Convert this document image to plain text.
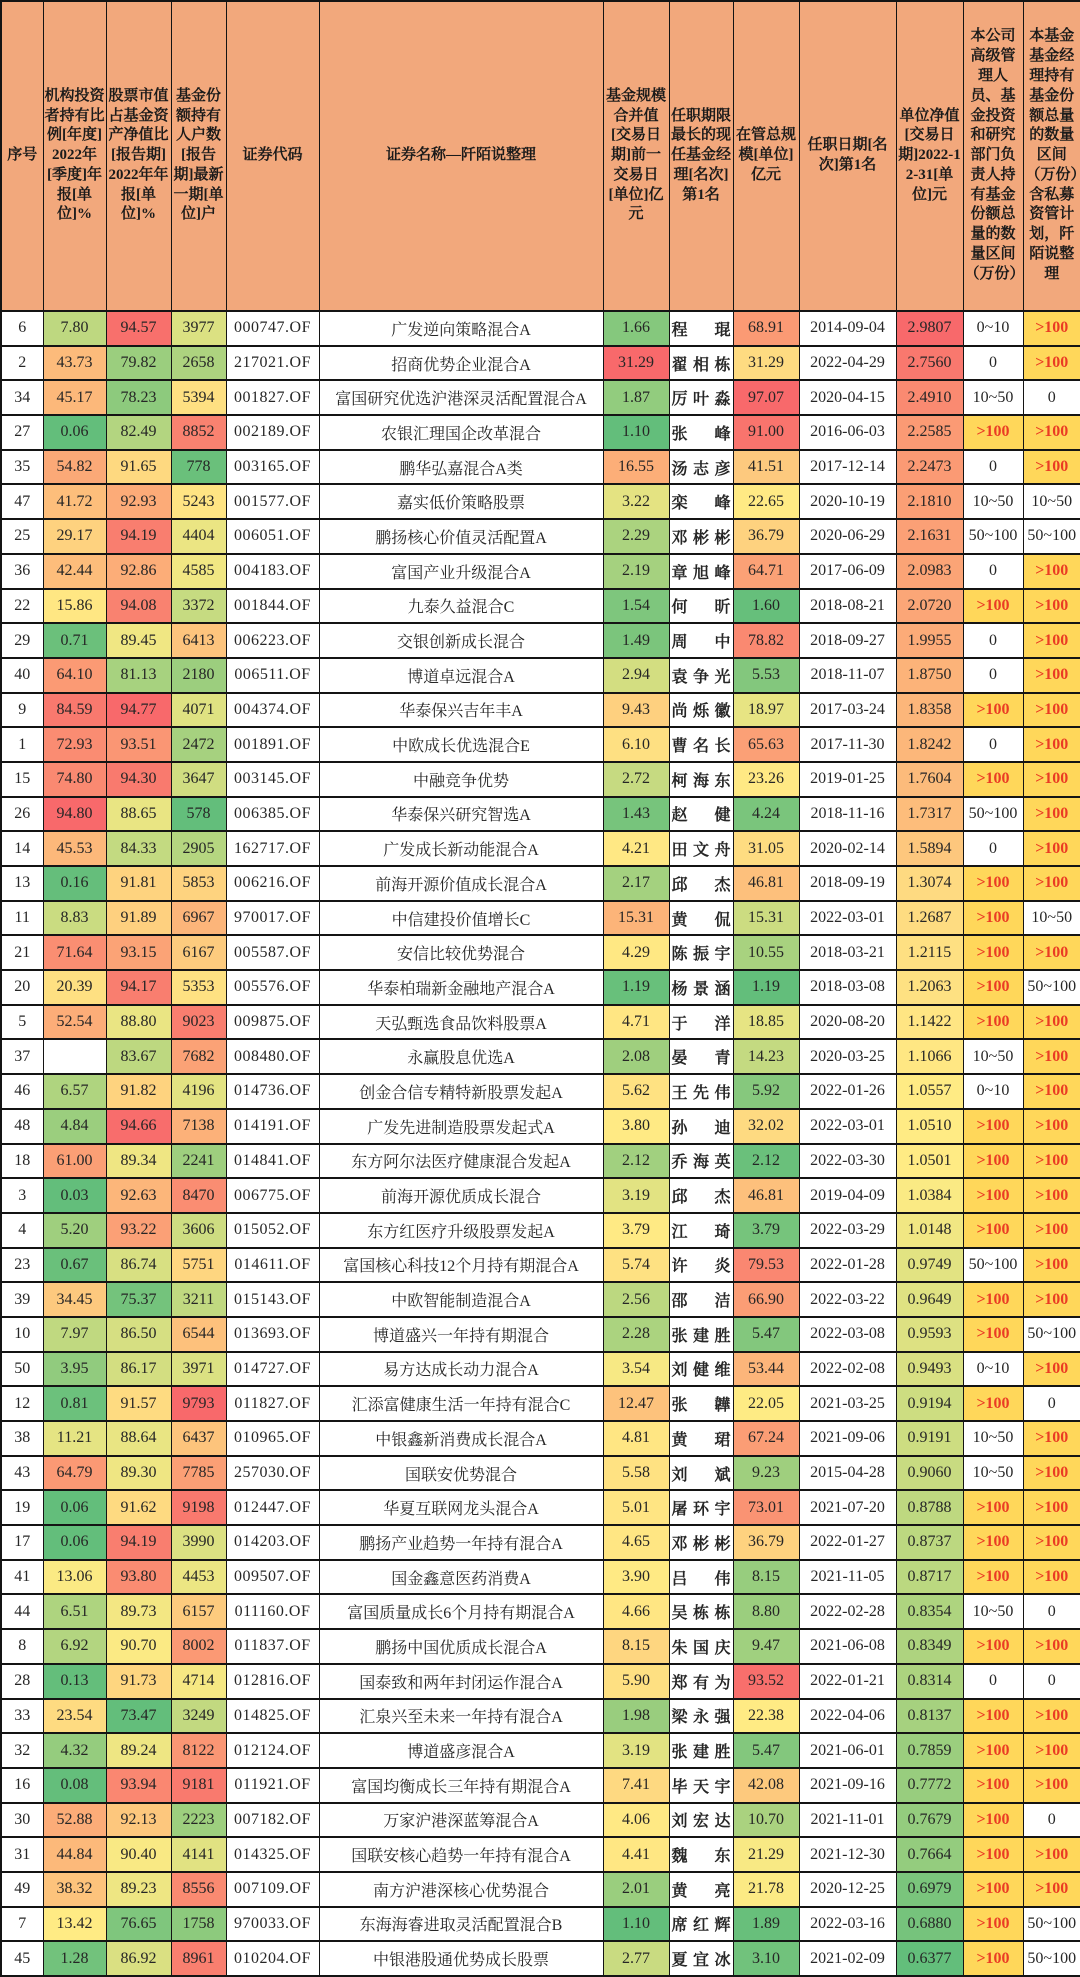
序号	机构投资者持有比例[年度]2022年[季度]年报[单位]%	股票市值占基金资产净值比[报告期]2022年年报[单位]%	基金份额持有人户数[报告期]最新一期[单位]户	证券代码	证券名称—阡陌说整理	基金规模合并值[交易日期]前一交易日[单位]亿元	任职期限最长的现任基金经理[名次]第1名	在管总规模[单位]亿元	任职日期[名次]第1名	单位净值[交易日期]2022-12-31[单位]元	本公司高级管理人员、基金投资和研究部门负责人持有基金份额总量的数量区间（万份）	本基金基金经理持有基金份额总量的数量区间（万份）含私募资管计划，阡陌说整理
6	7.80	94.57	3977	000747.OF	广发逆向策略混合A	1.66	程琨	68.91	2014-09-04	2.9807	0~10	>100
2	43.73	79.82	2658	217021.OF	招商优势企业混合A	31.29	翟相栋	31.29	2022-04-29	2.7560	0	>100
34	45.17	78.23	5394	001827.OF	富国研究优选沪港深灵活配置混合A	1.87	厉叶淼	97.07	2020-04-15	2.4910	10~50	0
27	0.06	82.49	8852	002189.OF	农银汇理国企改革混合	1.10	张峰	91.00	2016-06-03	2.2585	>100	>100
35	54.82	91.65	778	003165.OF	鹏华弘嘉混合A类	16.55	汤志彦	41.51	2017-12-14	2.2473	0	>100
47	41.72	92.93	5243	001577.OF	嘉实低价策略股票	3.22	栾峰	22.65	2020-10-19	2.1810	10~50	10~50
25	29.17	94.19	4404	006051.OF	鹏扬核心价值灵活配置A	2.29	邓彬彬	36.79	2020-06-29	2.1631	50~100	50~100
36	42.44	92.86	4585	004183.OF	富国产业升级混合A	2.19	章旭峰	64.71	2017-06-09	2.0983	0	>100
22	15.86	94.08	3372	001844.OF	九泰久益混合C	1.54	何昕	1.60	2018-08-21	2.0720	>100	>100
29	0.71	89.45	6413	006223.OF	交银创新成长混合	1.49	周中	78.82	2018-09-27	1.9955	0	>100
40	64.10	81.13	2180	006511.OF	博道卓远混合A	2.94	袁争光	5.53	2018-11-07	1.8750	0	>100
9	84.59	94.77	4071	004374.OF	华泰保兴吉年丰A	9.43	尚烁徽	18.97	2017-03-24	1.8358	>100	>100
1	72.93	93.51	2472	001891.OF	中欧成长优选混合E	6.10	曹名长	65.63	2017-11-30	1.8242	0	>100
15	74.80	94.30	3647	003145.OF	中融竞争优势	2.72	柯海东	23.26	2019-01-25	1.7604	>100	>100
26	94.80	88.65	578	006385.OF	华泰保兴研究智选A	1.43	赵健	4.24	2018-11-16	1.7317	50~100	>100
14	45.53	84.33	2905	162717.OF	广发成长新动能混合A	4.21	田文舟	31.05	2020-02-14	1.5894	0	>100
13	0.16	91.81	5853	006216.OF	前海开源价值成长混合A	2.17	邱杰	46.81	2018-09-19	1.3074	>100	>100
11	8.83	91.89	6967	970017.OF	中信建投价值增长C	15.31	黄侃	15.31	2022-03-01	1.2687	>100	10~50
21	71.64	93.15	6167	005587.OF	安信比较优势混合	4.29	陈振宇	10.55	2018-03-21	1.2115	>100	>100
20	20.39	94.17	5353	005576.OF	华泰柏瑞新金融地产混合A	1.19	杨景涵	1.19	2018-03-08	1.2063	>100	50~100
5	52.54	88.80	9023	009875.OF	天弘甄选食品饮料股票A	4.71	于洋	18.85	2020-08-20	1.1422	>100	>100
37		83.67	7682	008480.OF	永赢股息优选A	2.08	晏青	14.23	2020-03-25	1.1066	10~50	>100
46	6.57	91.82	4196	014736.OF	创金合信专精特新股票发起A	5.62	王先伟	5.92	2022-01-26	1.0557	0~10	>100
48	4.84	94.66	7138	014191.OF	广发先进制造股票发起式A	3.80	孙迪	32.02	2022-03-01	1.0510	>100	>100
18	61.00	89.34	2241	014841.OF	东方阿尔法医疗健康混合发起A	2.12	乔海英	2.12	2022-03-30	1.0501	>100	>100
3	0.03	92.63	8470	006775.OF	前海开源优质成长混合	3.19	邱杰	46.81	2019-04-09	1.0384	>100	>100
4	5.20	93.22	3606	015052.OF	东方红医疗升级股票发起A	3.79	江琦	3.79	2022-03-29	1.0148	>100	>100
23	0.67	86.74	5751	014611.OF	富国核心科技12个月持有期混合A	5.74	许炎	79.53	2022-01-28	0.9749	50~100	>100
39	34.45	75.37	3211	015143.OF	中欧智能制造混合A	2.56	邵洁	66.90	2022-03-22	0.9649	>100	>100
10	7.97	86.50	6544	013693.OF	博道盛兴一年持有期混合	2.28	张建胜	5.47	2022-03-08	0.9593	>100	50~100
50	3.95	86.17	3971	014727.OF	易方达成长动力混合A	3.54	刘健维	53.44	2022-02-08	0.9493	0~10	>100
12	0.81	91.57	9793	011827.OF	汇添富健康生活一年持有混合C	12.47	张韡	22.05	2021-03-25	0.9194	>100	0
38	11.21	88.64	6437	010965.OF	中银鑫新消费成长混合A	4.81	黄珺	67.24	2021-09-06	0.9191	10~50	>100
43	64.79	89.30	7785	257030.OF	国联安优势混合	5.58	刘斌	9.23	2015-04-28	0.9060	10~50	>100
19	0.06	91.62	9198	012447.OF	华夏互联网龙头混合A	5.01	屠环宇	73.01	2021-07-20	0.8788	>100	>100
17	0.06	94.19	3990	014203.OF	鹏扬产业趋势一年持有混合A	4.65	邓彬彬	36.79	2022-01-27	0.8737	>100	>100
41	13.06	93.80	4453	009507.OF	国金鑫意医药消费A	3.90	吕伟	8.15	2021-11-05	0.8717	>100	>100
44	6.51	89.73	6157	011160.OF	富国质量成长6个月持有期混合A	4.66	吴栋栋	8.80	2022-02-28	0.8354	10~50	0
8	6.92	90.70	8002	011837.OF	鹏扬中国优质成长混合A	8.15	朱国庆	9.47	2021-06-08	0.8349	>100	>100
28	0.13	91.73	4714	012816.OF	国泰致和两年封闭运作混合A	5.90	郑有为	93.52	2022-01-21	0.8314	0	0
33	23.54	73.47	3249	014825.OF	汇泉兴至未来一年持有混合A	1.98	梁永强	22.38	2022-04-06	0.8137	>100	>100
32	4.32	89.24	8122	012124.OF	博道盛彦混合A	3.19	张建胜	5.47	2021-06-01	0.7859	>100	>100
16	0.08	93.94	9181	011921.OF	富国均衡成长三年持有期混合A	7.41	毕天宇	42.08	2021-09-16	0.7772	>100	>100
30	52.88	92.13	2223	007182.OF	万家沪港深蓝筹混合A	4.06	刘宏达	10.70	2021-11-01	0.7679	>100	0
31	44.84	90.40	4141	014325.OF	国联安核心趋势一年持有混合A	4.41	魏东	21.29	2021-12-30	0.7664	>100	>100
49	38.32	89.23	8556	007109.OF	南方沪港深核心优势混合	2.01	黄亮	21.78	2020-12-25	0.6979	>100	>100
7	13.42	76.65	1758	970033.OF	东海海睿进取灵活配置混合B	1.10	席红辉	1.89	2022-03-16	0.6880	>100	50~100
45	1.28	86.92	8961	010204.OF	中银港股通优势成长股票	2.77	夏宜冰	3.10	2021-02-09	0.6377	>100	50~100
